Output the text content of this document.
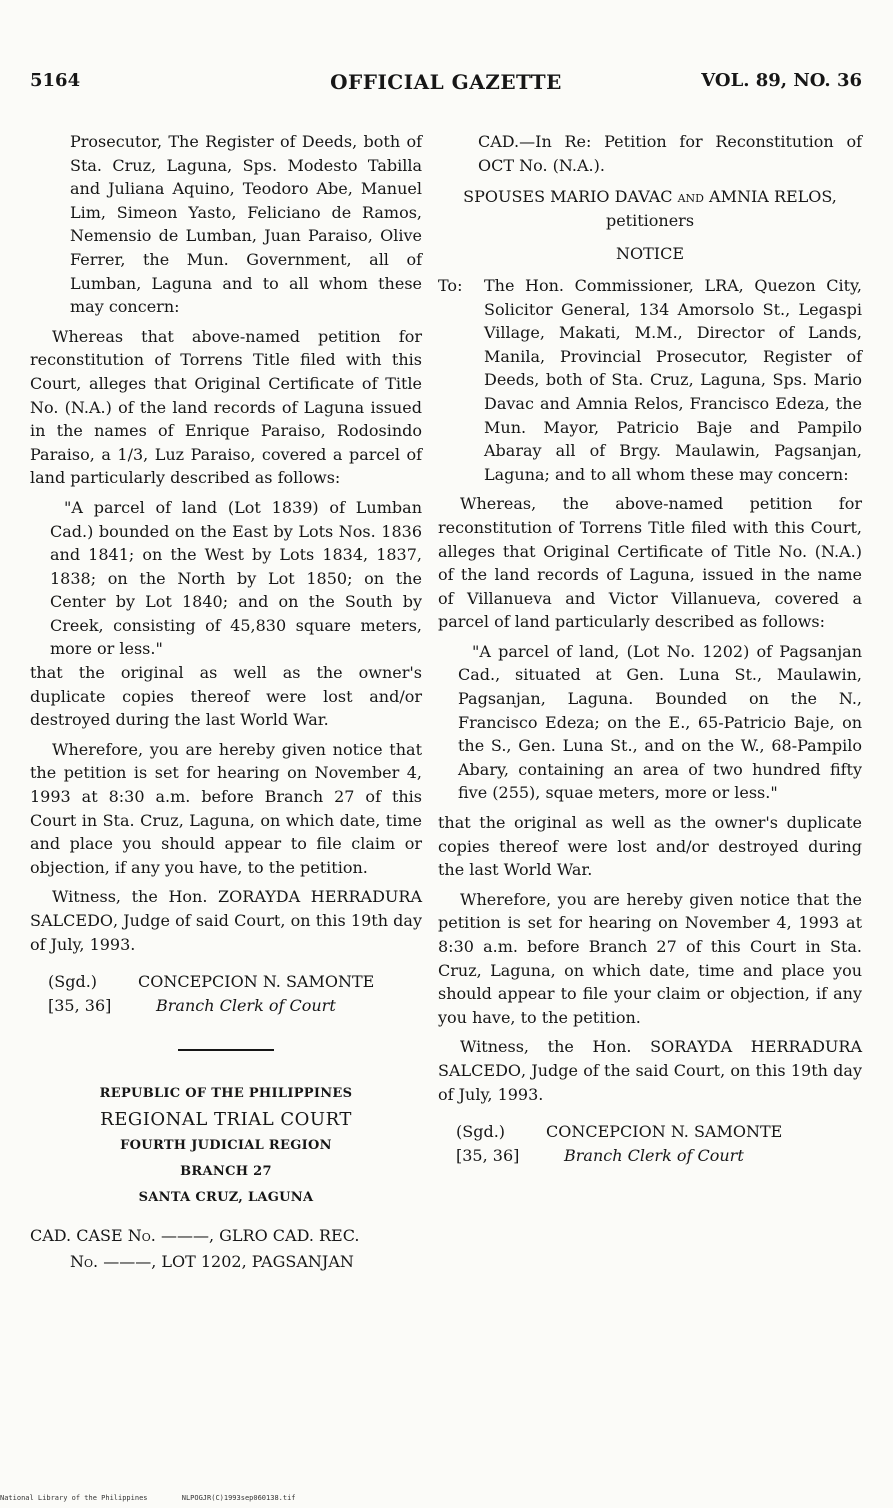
5164	OFFICIAL GAZETTE	VOL. 89, NO. 36

Prosecutor, The Register of Deeds, both of Sta. Cruz, Laguna, Sps. Modesto Tabilla and Juliana Aquino, Teodoro Abe, Manuel Lim, Simeon Yasto, Feliciano de Ramos, Nemensio de Lumban, Juan Paraiso, Olive Ferrer, the Mun. Government, all of Lumban, Laguna and to all whom these may concern:

Whereas that above-named petition for reconstitution of Torrens Title filed with this Court, alleges that Original Certificate of Title No. (N.A.) of the land records of Laguna issued in the names of Enrique Paraiso, Rodosindo Paraiso, a 1/3, Luz Paraiso, covered a parcel of land particularly described as follows:

"A parcel of land (Lot 1839) of Lumban Cad.) bounded on the East by Lots Nos. 1836 and 1841; on the West by Lots 1834, 1837, 1838; on the North by Lot 1850; on the Center by Lot 1840; and on the South by Creek, consisting of 45,830 square meters, more or less."

that the original as well as the owner's duplicate copies thereof were lost and/or destroyed during the last World War.

Wherefore, you are hereby given notice that the petition is set for hearing on November 4, 1993 at 8:30 a.m. before Branch 27 of this Court in Sta. Cruz, Laguna, on which date, time and place you should appear to file claim or objection, if any you have, to the petition.

Witness, the Hon. ZORAYDA HERRADURA SALCEDO, Judge of said Court, on this 19th day of July, 1993.

(Sgd.)	CONCEPCION N. SAMONTE
[35, 36]	Branch Clerk of Court
REPUBLIC OF THE PHILIPPINES
REGIONAL TRIAL COURT
FOURTH JUDICIAL REGION
BRANCH 27
SANTA CRUZ, LAGUNA
CAD. CASE No. ———, GLRO CAD. REC.
No. ———, LOT 1202, PAGSANJAN

CAD.—In Re: Petition for Reconstitution of OCT No. (N.A.).

SPOUSES MARIO DAVAC and AMNIA RELOS,
petitioners
NOTICE
To:	The Hon. Commissioner, LRA, Quezon City, Solicitor General, 134 Amorsolo St., Legaspi Village, Makati, M.M., Director of Lands, Manila, Provincial Prosecutor, Register of Deeds, both of Sta. Cruz, Laguna, Sps. Mario Davac and Amnia Relos, Francisco Edeza, the Mun. Mayor, Patricio Baje and Pampilo Abaray all of Brgy. Maulawin, Pagsanjan, Laguna; and to all whom these may concern:

Whereas, the above-named petition for reconstitution of Torrens Title filed with this Court, alleges that Original Certificate of Title No. (N.A.) of the land records of Laguna, issued in the name of Villanueva and Victor Villanueva, covered a parcel of land particularly described as follows:

"A parcel of land, (Lot No. 1202) of Pagsanjan Cad., situated at Gen. Luna St., Maulawin, Pagsanjan, Laguna. Bounded on the N., Francisco Edeza; on the E., 65-Patricio Baje, on the S., Gen. Luna St., and on the W., 68-Pampilo Abary, containing an area of two hundred fifty five (255), squae meters, more or less."

that the original as well as the owner's duplicate copies thereof were lost and/or destroyed during the last World War.

Wherefore, you are hereby given notice that the petition is set for hearing on November 4, 1993 at 8:30 a.m. before Branch 27 of this Court in Sta. Cruz, Laguna, on which date, time and place you should appear to file your claim or objection, if any you have, to the petition.

Witness, the Hon. SORAYDA HERRADURA SALCEDO, Judge of the said Court, on this 19th day of July, 1993.

(Sgd.)	CONCEPCION N. SAMONTE
[35, 36]	Branch Clerk of Court
National Library of the Philippines	NLPOGJR(C)1993sep060138.tif
